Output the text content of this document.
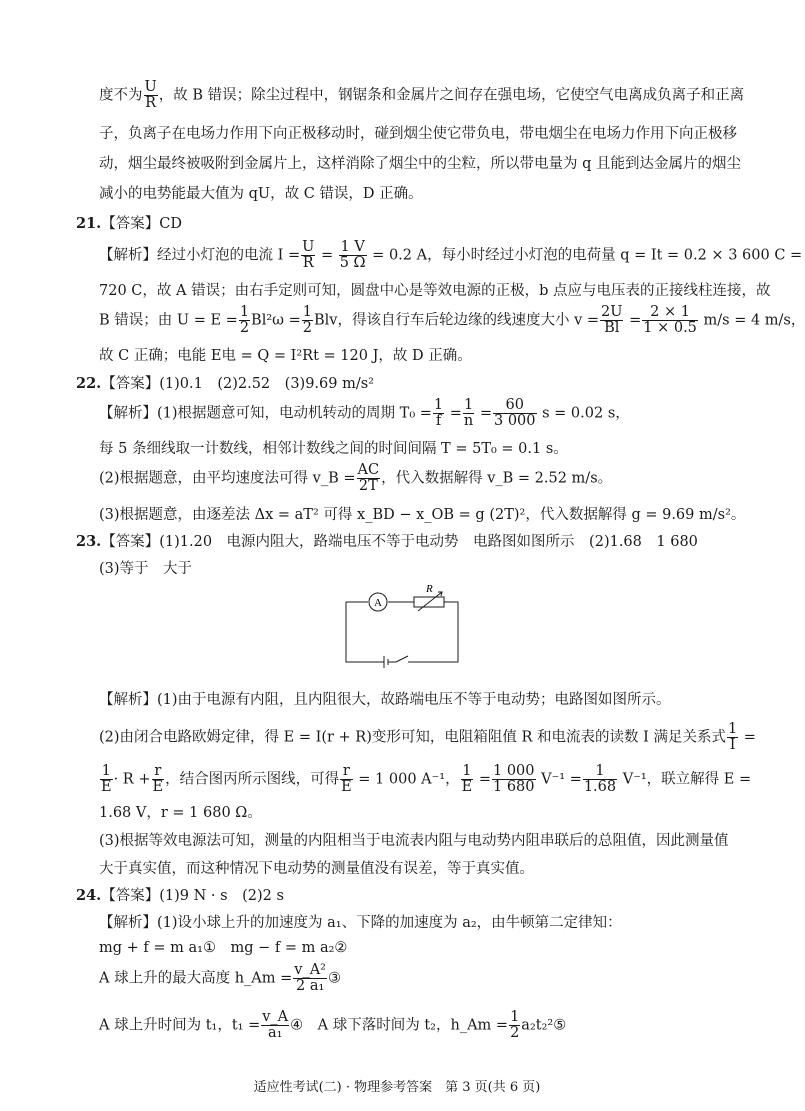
度不为 $\frac{U}{R}$ ，故 B 错误；除尘过程中，钢锯条和金属片之间存在强电场，它使空气电离成负离子和正离
子，负离子在电场力作用下向正极移动时，碰到烟尘使它带负电，带电烟尘在电场力作用下向正极移
动，烟尘最终被吸附到金属片上，这样消除了烟尘中的尘粒，所以带电量为 q 且能到达金属片的烟尘
减小的电势能最大值为 qU，故 C 错误，D 正确。
21.【答案】CD
【解析】经过小灯泡的电流 $I = \frac{U}{R} = \frac{1 V}{5 \Omega} = 0.2$ A，每小时经过小灯泡的电荷量 q = It = 0.2 × 3 600 C =
720 C，故 A 错误；由右手定则可知，圆盘中心是等效电源的正极，b 点应与电压表的正接线柱连接，故
B 错误；由 $U = E = \frac{1}{2} Bl^2\omega = \frac{1}{2}$ Blv，得该自行车后轮边缘的线速度大小 $v = \frac{2U}{Bl} = \frac{2 \times 1}{1 \times 0.5} m/s = 4$ m/s，
故 C 正确；电能 E电 = Q = I²Rt = 120 J，故 D 正确。
22.【答案】(1)0.1　(2)2.52　(3)9.69 m/s²
【解析】(1)根据题意可知，电动机转动的周期 $T_0 = \frac{1}{f} = \frac{1}{n} = \frac{60}{3 000}$ s = 0.02 s，
每 5 条细线取一计数线，相邻计数线之间的时间间隔 T = 5T₀ = 0.1 s。
(2)根据题意，由平均速度法可得 v_B = $\frac{AC}{2T}$ ，代入数据解得 v_B = 2.52 m/s。
(3)根据题意，由逐差法 Δx = aT² 可得 x_BD − x_OB = g (2T)²，代入数据解得 g = 9.69 m/s²。
23.【答案】(1)1.20　电源内阻大，路端电压不等于电动势　电路图如图所示　(2)1.68　1 680
(3)等于　大于
A
R
【解析】(1)由于电源有内阻，且内阻很大，故路端电压不等于电动势；电路图如图所示。
(2)由闭合电路欧姆定律，得 E = I(r + R)变形可知，电阻箱阻值 R 和电流表的读数 I 满足关系式 $\frac{1}{I}$ =
$\frac{1}{E} \cdot R + \frac{r}{E}$ ，结合图丙所示图线，可得 $\frac{r}{E} = 1$ 000 A⁻¹， $\frac{1}{E} = \frac{1 000}{1 680} V^{-1} = \frac{1}{1.68} V^{-1}$，联立解得 E =
1.68 V，r = 1 680 Ω。
(3)根据等效电源法可知，测量的内阻相当于电流表内阻与电动势内阻串联后的总阻值，因此测量值
大于真实值，而这种情况下电动势的测量值没有误差，等于真实值。
24.【答案】(1)9 N · s　(2)2 s
【解析】(1)设小球上升的加速度为 a₁、下降的加速度为 a₂，由牛顿第二定律知：
mg + f = m a₁①　mg − f = m a₂②
A 球上升的最大高度 h_Am = $\frac{\text{v\_A²}}{\text{2 a₁}}$ ③
A 球上升时间为 t₁，$t_1 = \frac{v\_A}{\text{a₁}}$ ④　A 球下落时间为 t₂，h_Am = $\frac{1}{2}$ a₂t₂²⑤
适应性考试(二) · 物理参考答案　第 3 页(共 6 页)
